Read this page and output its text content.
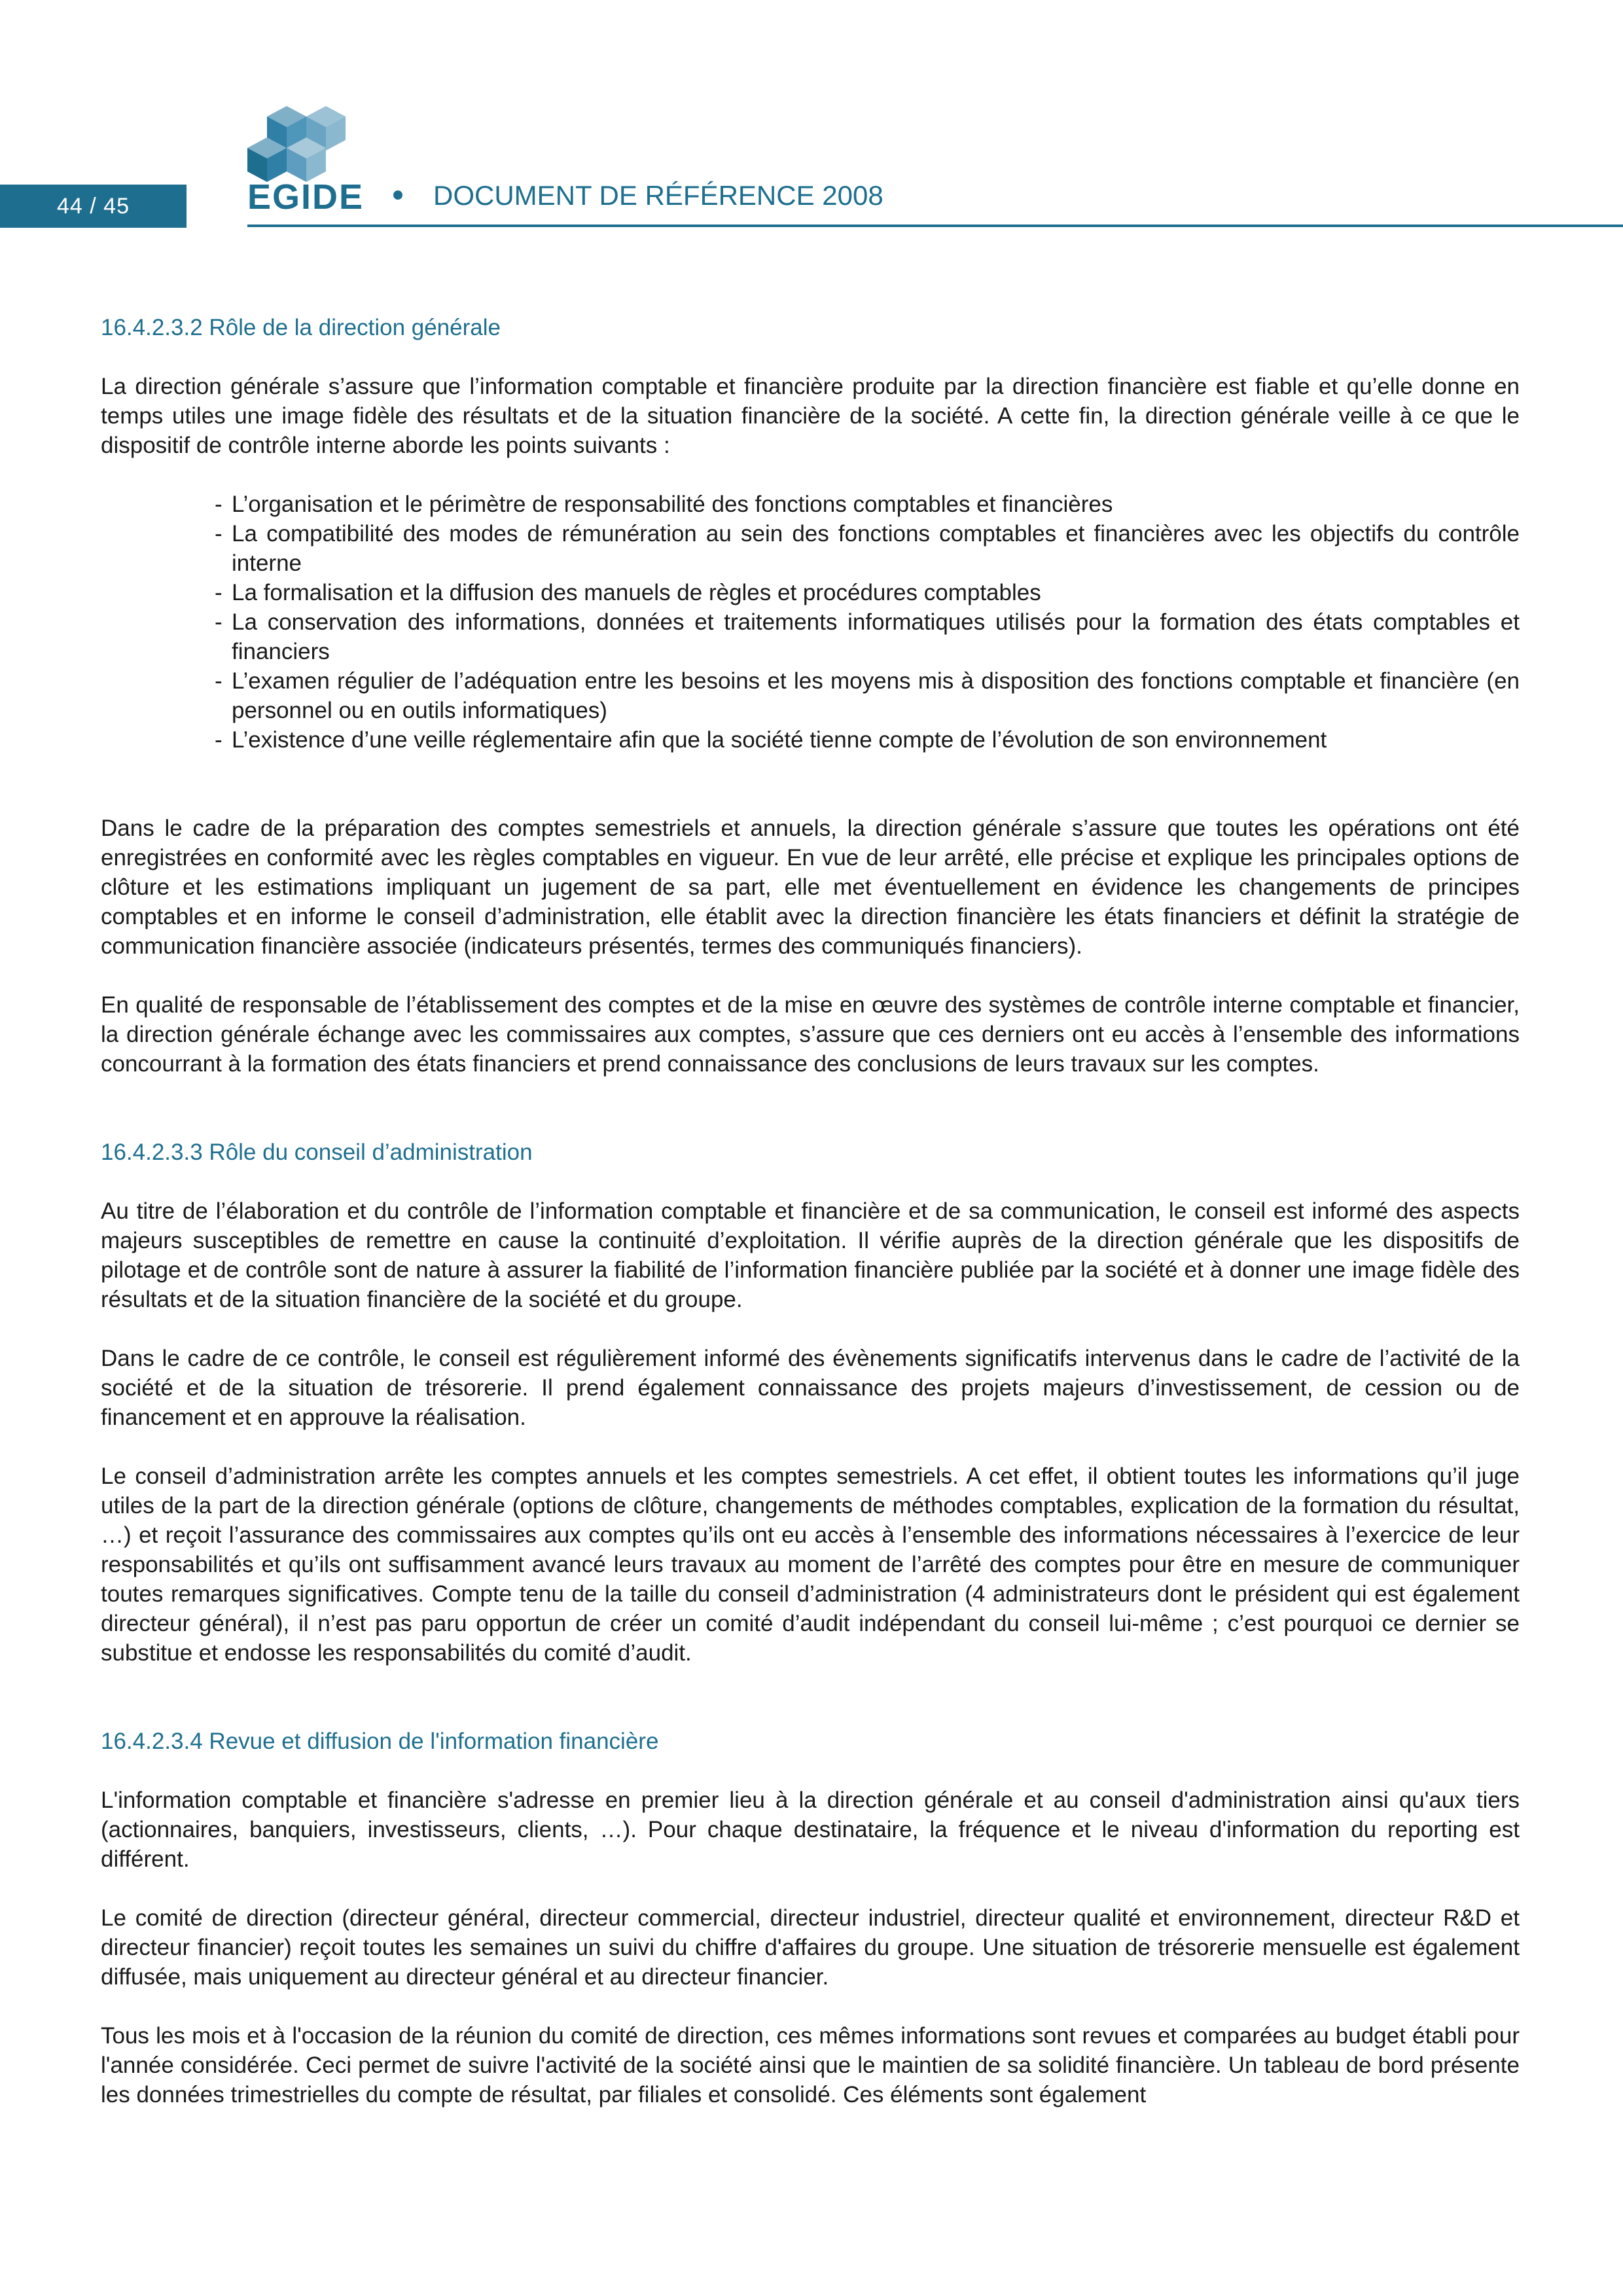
44 / 45	EGIDE	DOCUMENT DE RÉFÉRENCE 2008
16.4.2.3.2 Rôle de la direction générale

La direction générale s’assure que l’information comptable et financière produite par la direction financière est fiable et qu’elle donne en temps utiles une image fidèle des résultats et de la situation financière de la société. A cette fin, la direction générale veille à ce que le dispositif de contrôle interne aborde les points suivants :

- L’organisation et le périmètre de responsabilité des fonctions comptables et financières
- La compatibilité des modes de rémunération au sein des fonctions comptables et financières avec les objectifs du contrôle interne
- La formalisation et la diffusion des manuels de règles et procédures comptables
- La conservation des informations, données et traitements informatiques utilisés pour la formation des états comptables et financiers
- L’examen régulier de l’adéquation entre les besoins et les moyens mis à disposition des fonctions comptable et financière (en personnel ou en outils informatiques)
- L’existence d’une veille réglementaire afin que la société tienne compte de l’évolution de son environnement

Dans le cadre de la préparation des comptes semestriels et annuels, la direction générale s’assure que toutes les opérations ont été enregistrées en conformité avec les règles comptables en vigueur. En vue de leur arrêté, elle précise et explique les principales options de clôture et les estimations impliquant un jugement de sa part, elle met éventuellement en évidence les changements de principes comptables et en informe le conseil d’administration, elle établit avec la direction financière les états financiers et définit la stratégie de communication financière associée (indicateurs présentés, termes des communiqués financiers).

En qualité de responsable de l’établissement des comptes et de la mise en œuvre des systèmes de contrôle interne comptable et financier, la direction générale échange avec les commissaires aux comptes, s’assure que ces derniers ont eu accès à l’ensemble des informations concourrant à la formation des états financiers et prend connaissance des conclusions de leurs travaux sur les comptes.

16.4.2.3.3 Rôle du conseil d’administration

Au titre de l’élaboration et du contrôle de l’information comptable et financière et de sa communication, le conseil est informé des aspects majeurs susceptibles de remettre en cause la continuité d’exploitation. Il vérifie auprès de la direction générale que les dispositifs de pilotage et de contrôle sont de nature à assurer la fiabilité de l’information financière publiée par la société et à donner une image fidèle des résultats et de la situation financière de la société et du groupe.

Dans le cadre de ce contrôle, le conseil est régulièrement informé des évènements significatifs intervenus dans le cadre de l’activité de la société et de la situation de trésorerie. Il prend également connaissance des projets majeurs d’investissement, de cession ou de financement et en approuve la réalisation.

Le conseil d’administration arrête les comptes annuels et les comptes semestriels. A cet effet, il obtient toutes les informations qu’il juge utiles de la part de la direction générale (options de clôture, changements de méthodes comptables, explication de la formation du résultat, …) et reçoit l’assurance des commissaires aux comptes qu’ils ont eu accès à l’ensemble des informations nécessaires à l’exercice de leur responsabilités et qu’ils ont suffisamment avancé leurs travaux au moment de l’arrêté des comptes pour être en mesure de communiquer toutes remarques significatives. Compte tenu de la taille du conseil d’administration (4 administrateurs dont le président qui est également directeur général), il n’est pas paru opportun de créer un comité d’audit indépendant du conseil lui-même ; c’est pourquoi ce dernier se substitue et endosse les responsabilités du comité d’audit.

16.4.2.3.4 Revue et diffusion de l'information financière

L'information comptable et financière s'adresse en premier lieu à la direction générale et au conseil d'administration ainsi qu'aux tiers (actionnaires, banquiers, investisseurs, clients, …). Pour chaque destinataire, la fréquence et le niveau d'information du reporting est différent.

Le comité de direction (directeur général, directeur commercial, directeur industriel, directeur qualité et environnement, directeur R&D et directeur financier) reçoit toutes les semaines un suivi du chiffre d'affaires du groupe. Une situation de trésorerie mensuelle est également diffusée, mais uniquement au directeur général et au directeur financier.

Tous les mois et à l'occasion de la réunion du comité de direction, ces mêmes informations sont revues et comparées au budget établi pour l'année considérée. Ceci permet de suivre l'activité de la société ainsi que le maintien de sa solidité financière. Un tableau de bord présente les données trimestrielles du compte de résultat, par filiales et consolidé. Ces éléments sont également
